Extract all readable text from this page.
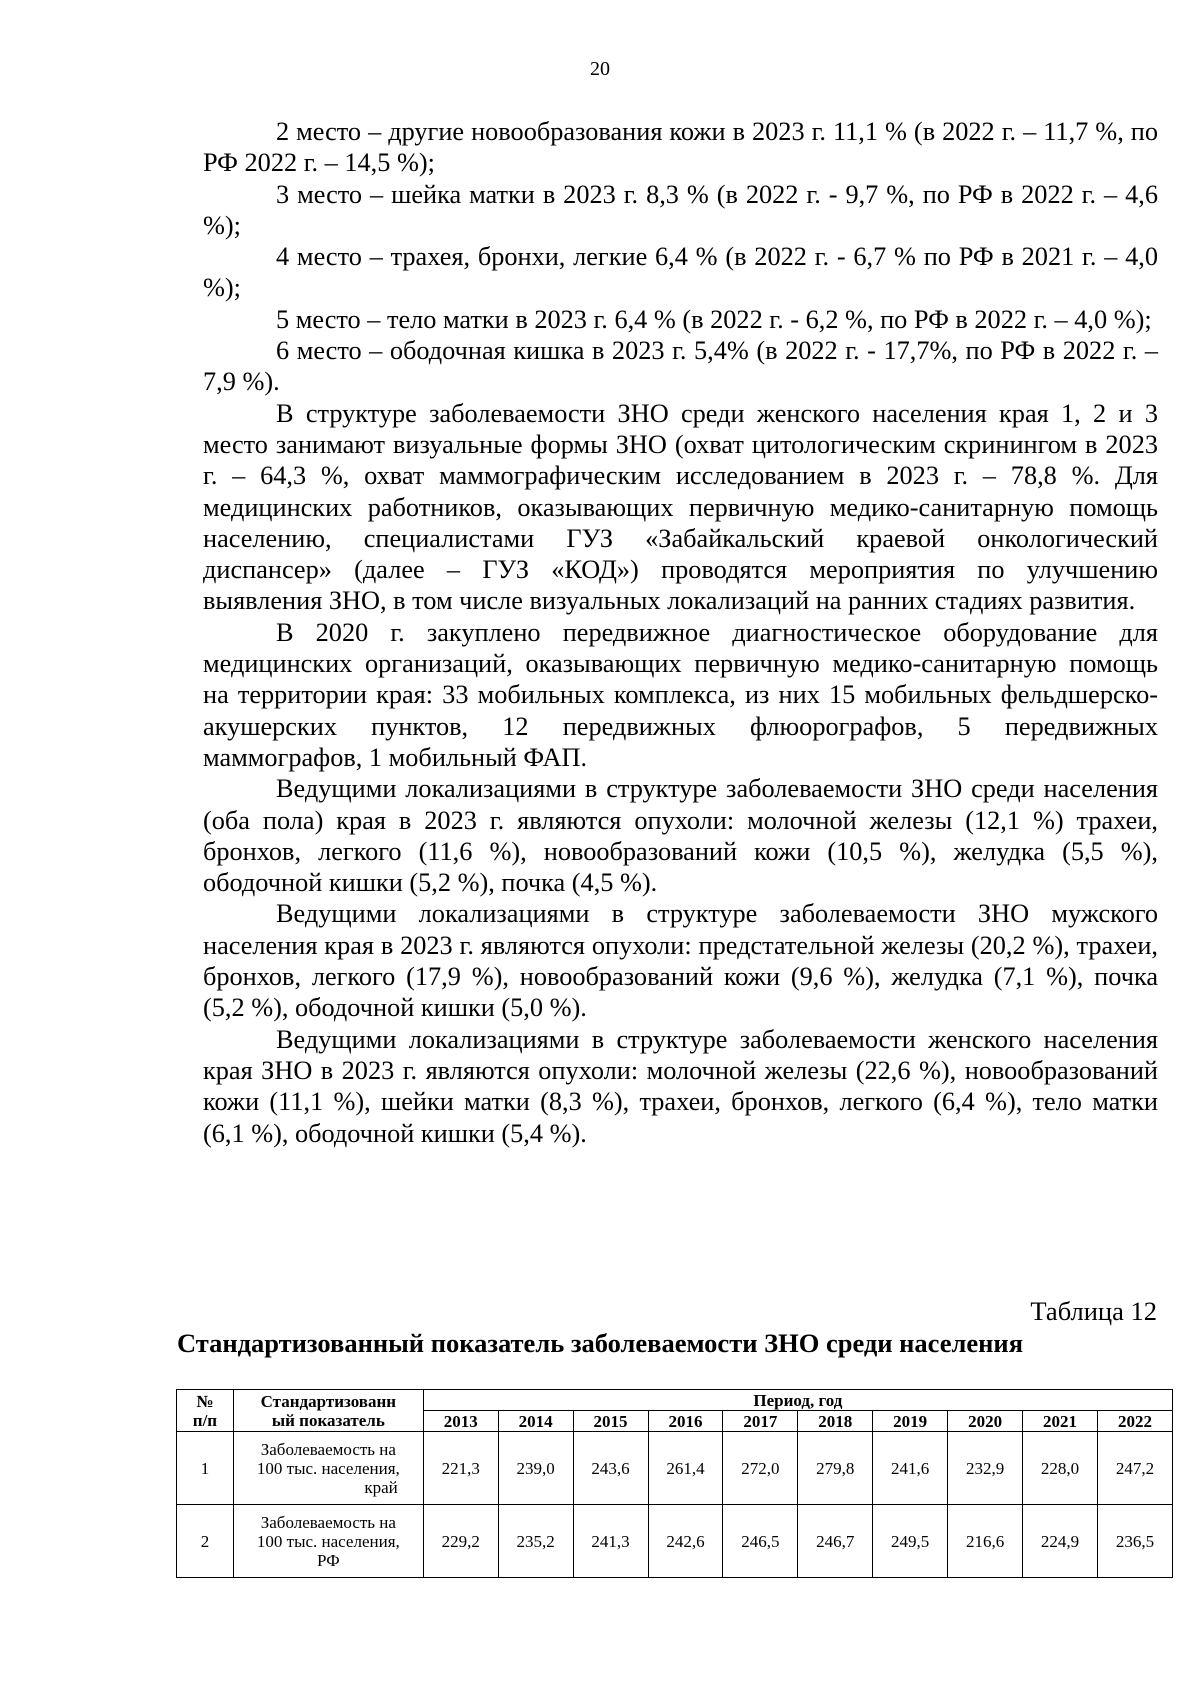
20

2 место – другие новообразования кожи в 2023 г. 11,1 % (в 2022 г. – 11,7 %, по РФ 2022 г. – 14,5 %);

3 место – шейка матки в 2023 г. 8,3 % (в 2022 г. - 9,7 %, по РФ в 2022 г. – 4,6 %);

4 место – трахея, бронхи, легкие 6,4 % (в 2022 г. - 6,7 % по РФ в 2021 г. – 4,0 %);

5 место – тело матки в 2023 г. 6,4 % (в 2022 г. - 6,2 %, по РФ в 2022 г. – 4,0 %);

6 место – ободочная кишка в 2023 г. 5,4% (в 2022 г. - 17,7%, по РФ в 2022 г. – 7,9 %).

В структуре заболеваемости ЗНО среди женского населения края 1, 2 и 3 место занимают визуальные формы ЗНО (охват цитологическим скринингом в 2023 г. – 64,3 %, охват маммографическим исследованием в 2023 г. – 78,8 %. Для медицинских работников, оказывающих первичную медико-санитарную помощь населению, специалистами ГУЗ «Забайкальский краевой онкологический диспансер» (далее – ГУЗ «КОД») проводятся мероприятия по улучшению выявления ЗНО, в том числе визуальных локализаций на ранних стадиях развития.

В 2020 г. закуплено передвижное диагностическое оборудование для медицинских организаций, оказывающих первичную медико-санитарную помощь на территории края: 33 мобильных комплекса, из них 15 мобильных фельдшерско-акушерских пунктов, 12 передвижных флюорографов, 5 передвижных маммографов, 1 мобильный ФАП.

Ведущими локализациями в структуре заболеваемости ЗНО среди населения (оба пола) края в 2023 г. являются опухоли: молочной железы (12,1 %) трахеи, бронхов, легкого (11,6 %), новообразований кожи (10,5 %), желудка (5,5 %), ободочной кишки (5,2 %), почка (4,5 %).

Ведущими локализациями в структуре заболеваемости ЗНО мужского населения края в 2023 г. являются опухоли: предстательной железы (20,2 %), трахеи, бронхов, легкого (17,9 %), новообразований кожи (9,6 %), желудка (7,1 %), почка (5,2 %), ободочной кишки (5,0 %).

Ведущими локализациями в структуре заболеваемости женского населения края ЗНО в 2023 г. являются опухоли: молочной железы (22,6 %), новообразований кожи (11,1 %), шейки матки (8,3 %), трахеи, бронхов, легкого (6,4 %), тело матки (6,1 %), ободочной кишки (5,4 %).

Таблица 12
Стандартизованный показатель заболеваемости ЗНО среди населения
№
п/п	Стандартизованн
ый показатель	Период, год									
		2013	2014	2015	2016	2017	2018	2019	2020	2021	2022
1	Заболеваемость на
100 тыс. населения,
край	221,3	239,0	243,6	261,4	272,0	279,8	241,6	232,9	228,0	247,2
2	Заболеваемость на
100 тыс. населения,
РФ	229,2	235,2	241,3	242,6	246,5	246,7	249,5	216,6	224,9	236,5
